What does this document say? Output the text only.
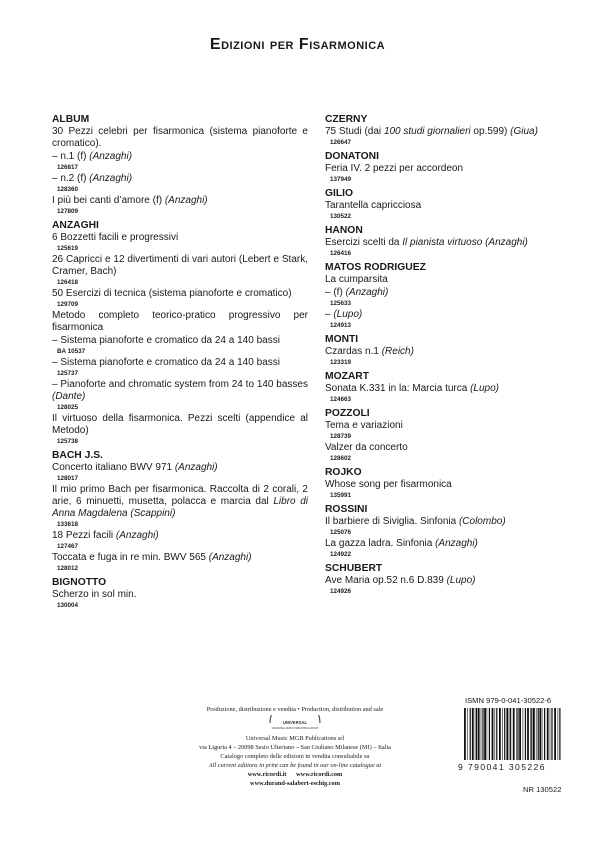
Edizioni per Fisarmonica
ALBUM
30 Pezzi celebri per fisarmonica (sistema pianoforte e cromatico).
– n.1 (f) (Anzaghi)
126817
– n.2 (f) (Anzaghi)
128360
I più bei canti d’amore (f) (Anzaghi)
127809
ANZAGHI
6 Bozzetti facili e progressivi
125619
26 Capricci e 12 divertimenti di vari autori (Lebert e Stark, Cramer, Bach)
126418
50 Esercizi di tecnica (sistema pianoforte e cromatico)
129709
Metodo completo teorico-pratico progressivo per fisarmonica
– Sistema pianoforte e cromatico da 24 a 140 bassi
BA 10537
– Sistema pianoforte e cromatico da 24 a 140 bassi
125737
– Pianoforte and chromatic system from 24 to 140 basses (Dante)
128025
Il virtuoso della fisarmonica. Pezzi scelti (appendice al Metodo)
125738
BACH J.S.
Concerto italiano BWV 971 (Anzaghi)
128017
Il mio primo Bach per fisarmonica. Raccolta di 2 corali, 2 arie, 6 minuetti, musetta, polacca e marcia dal Libro di Anna Magdalena (Scappini)
133618
18 Pezzi facili (Anzaghi)
127467
Toccata e fuga in re min. BWV 565 (Anzaghi)
128012
BIGNOTTO
Scherzo in sol min.
130004
CZERNY
75 Studi (dai 100 studi giornalieri op.599) (Giua)
126647
DONATONI
Feria IV. 2 pezzi per accordeon
137949
GILIO
Tarantella capricciosa
130522
HANON
Esercizi scelti da Il pianista virtuoso (Anzaghi)
126416
MATOS RODRIGUEZ
La cumparsita
– (f) (Anzaghi)
125633
– (Lupo)
124913
MONTI
Czardas n.1 (Reich)
123319
MOZART
Sonata K.331 in la: Marcia turca (Lupo)
124663
POZZOLI
Tema e variazioni
128739
Valzer da concerto
128602
ROJKO
Whose song per fisarmonica
135991
ROSSINI
Il barbiere di Siviglia. Sinfonia (Colombo)
125076
La gazza ladra. Sinfonia (Anzaghi)
124922
SCHUBERT
Ave Maria op.52 n.6 D.839 (Lupo)
124926
Produzione, distribuzione e vendita • Production, distribution and sale
UNIVERSAL
UNIVERSAL MUSIC PUBLISHING GROUP
Universal Music MGB Publications srl
via Liguria 4 – 20098 Sesto Ulteriano – San Giuliano Milanese (MI) – Italia
Catalogo completo delle edizioni in vendita consultabile su
All current editions in print can be found in our on-line catalogue at
www.ricordi.it www.ricordi.com
www.durand-salabert-eschig.com
ISMN 979-0-041-30522-6
9 790041 305226
NR 130522
